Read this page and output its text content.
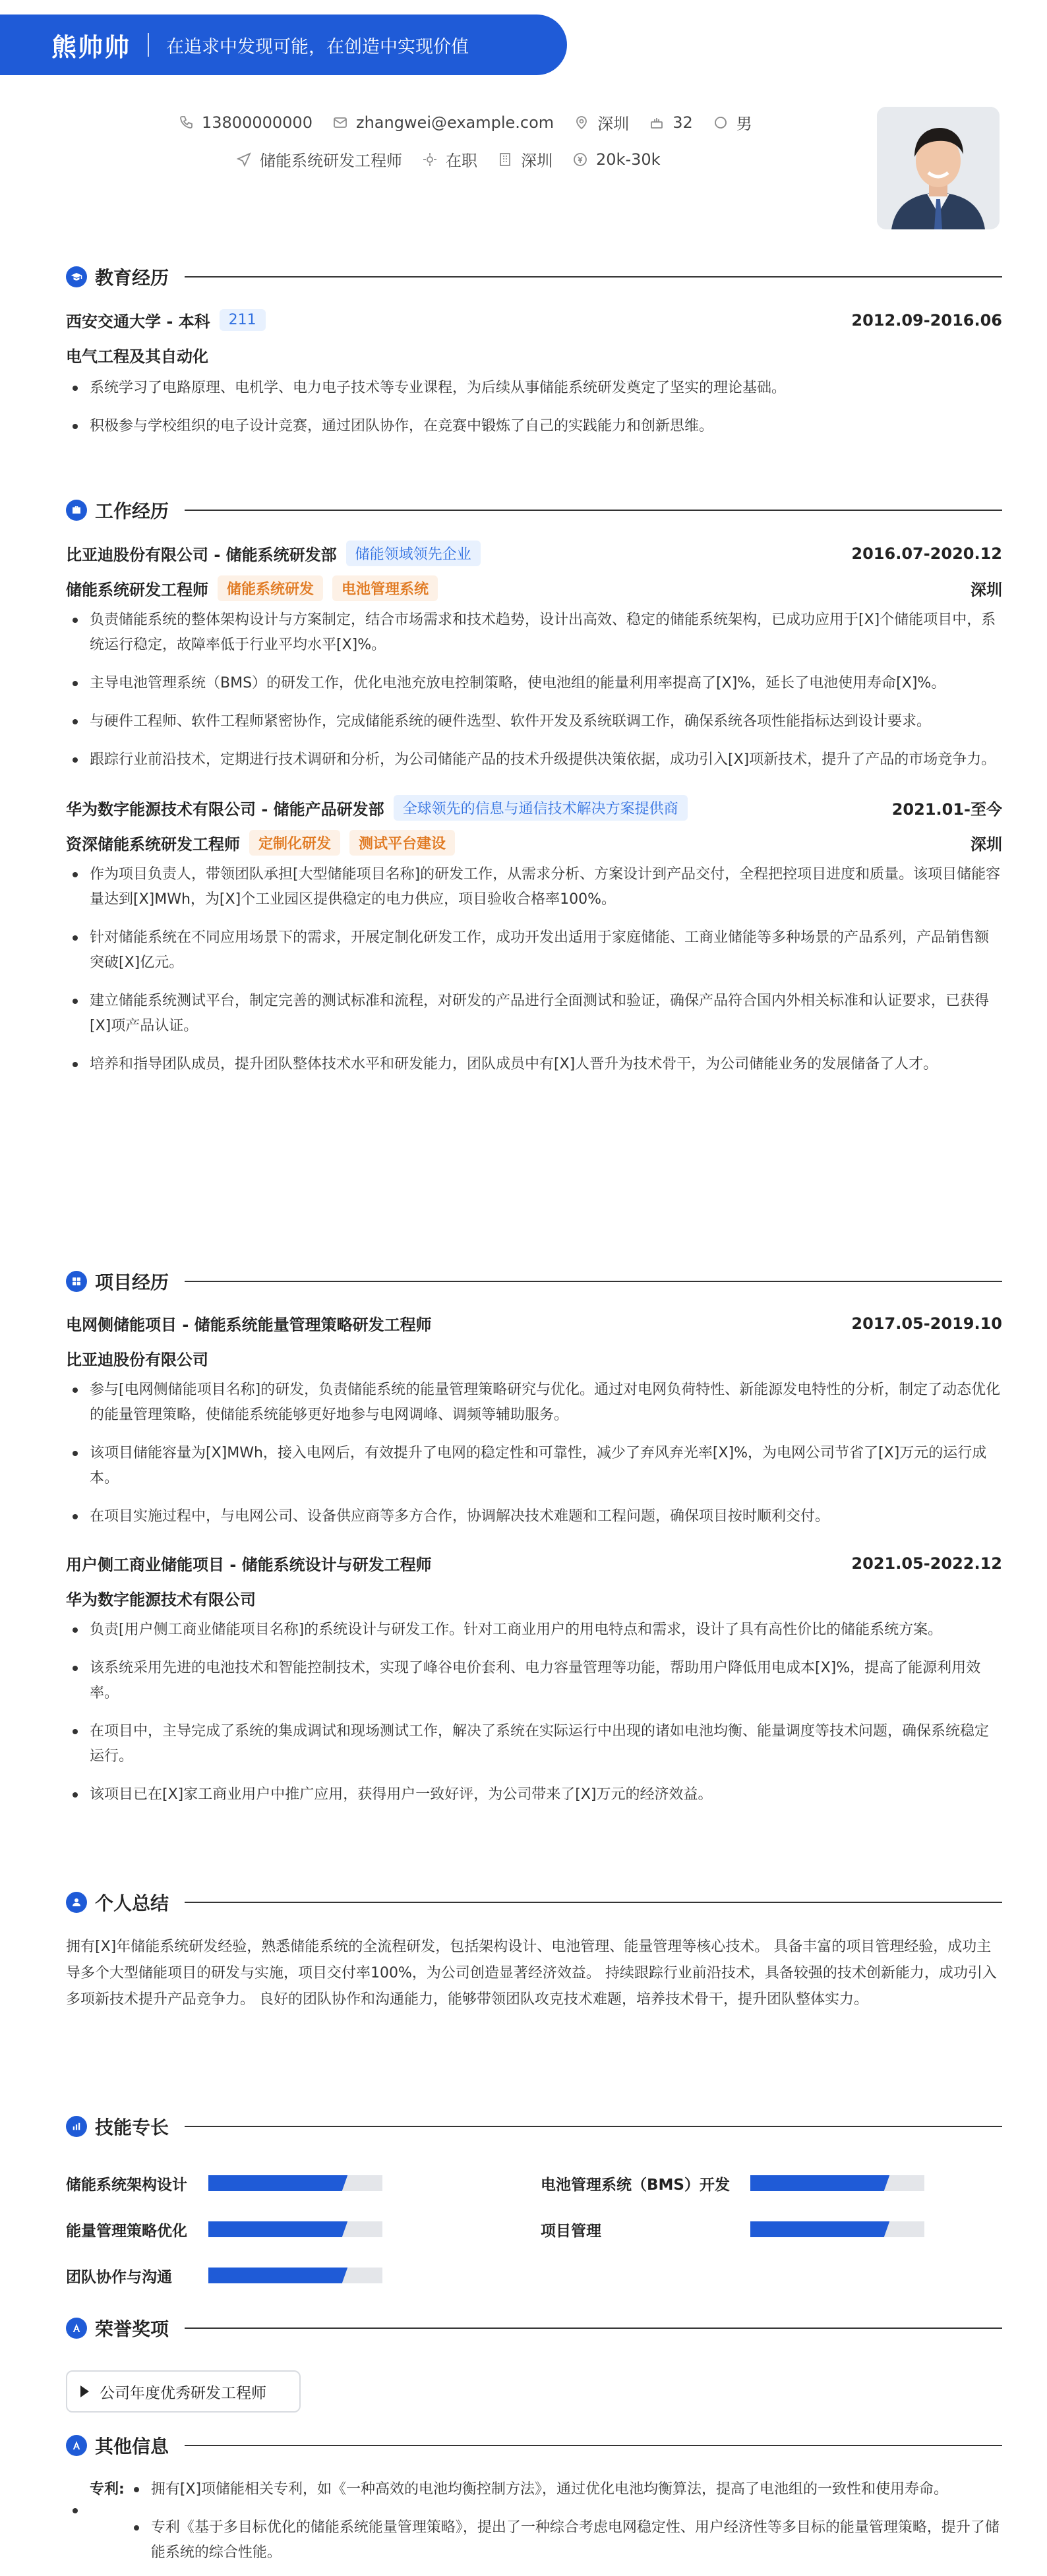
熊帅帅 在追求中发现可能，在创造中实现价值
13800000000	zhangwei@example.com	深圳	32	男
储能系统研发工程师	在职	深圳	20k-30k
教育经历
西安交通大学 - 本科	211	2012.09-2016.06
电气工程及其自动化
系统学习了电路原理、电机学、电力电子技术等专业课程，为后续从事储能系统研发奠定了坚实的理论基础。
积极参与学校组织的电子设计竞赛，通过团队协作，在竞赛中锻炼了自己的实践能力和创新思维。
工作经历
比亚迪股份有限公司 - 储能系统研发部	储能领域领先企业	2016.07-2020.12
储能系统研发工程师	储能系统研发	电池管理系统	深圳
负责储能系统的整体架构设计与方案制定，结合市场需求和技术趋势，设计出高效、稳定的储能系统架构，已成功应用于[X]个储能项目中，系统运行稳定，故障率低于行业平均水平[X]%。
主导电池管理系统（BMS）的研发工作，优化电池充放电控制策略，使电池组的能量利用率提高了[X]%，延长了电池使用寿命[X]%。
与硬件工程师、软件工程师紧密协作，完成储能系统的硬件选型、软件开发及系统联调工作，确保系统各项性能指标达到设计要求。
跟踪行业前沿技术，定期进行技术调研和分析，为公司储能产品的技术升级提供决策依据，成功引入[X]项新技术，提升了产品的市场竞争力。
华为数字能源技术有限公司 - 储能产品研发部	全球领先的信息与通信技术解决方案提供商	2021.01-至今
资深储能系统研发工程师	定制化研发	测试平台建设	深圳
作为项目负责人，带领团队承担[大型储能项目名称]的研发工作，从需求分析、方案设计到产品交付，全程把控项目进度和质量。该项目储能容量达到[X]MWh，为[X]个工业园区提供稳定的电力供应，项目验收合格率100%。
针对储能系统在不同应用场景下的需求，开展定制化研发工作，成功开发出适用于家庭储能、工商业储能等多种场景的产品系列，产品销售额突破[X]亿元。
建立储能系统测试平台，制定完善的测试标准和流程，对研发的产品进行全面测试和验证，确保产品符合国内外相关标准和认证要求，已获得[X]项产品认证。
培养和指导团队成员，提升团队整体技术水平和研发能力，团队成员中有[X]人晋升为技术骨干，为公司储能业务的发展储备了人才。
项目经历
电网侧储能项目 - 储能系统能量管理策略研发工程师	2017.05-2019.10
比亚迪股份有限公司
参与[电网侧储能项目名称]的研发，负责储能系统的能量管理策略研究与优化。通过对电网负荷特性、新能源发电特性的分析，制定了动态优化的能量管理策略，使储能系统能够更好地参与电网调峰、调频等辅助服务。
该项目储能容量为[X]MWh，接入电网后，有效提升了电网的稳定性和可靠性，减少了弃风弃光率[X]%，为电网公司节省了[X]万元的运行成本。
在项目实施过程中，与电网公司、设备供应商等多方合作，协调解决技术难题和工程问题，确保项目按时顺利交付。
用户侧工商业储能项目 - 储能系统设计与研发工程师	2021.05-2022.12
华为数字能源技术有限公司
负责[用户侧工商业储能项目名称]的系统设计与研发工作。针对工商业用户的用电特点和需求，设计了具有高性价比的储能系统方案。
该系统采用先进的电池技术和智能控制技术，实现了峰谷电价套利、电力容量管理等功能，帮助用户降低用电成本[X]%，提高了能源利用效率。
在项目中，主导完成了系统的集成调试和现场测试工作，解决了系统在实际运行中出现的诸如电池均衡、能量调度等技术问题，确保系统稳定运行。
该项目已在[X]家工商业用户中推广应用，获得用户一致好评，为公司带来了[X]万元的经济效益。
个人总结

拥有[X]年储能系统研发经验，熟悉储能系统的全流程研发，包括架构设计、电池管理、能量管理等核心技术。 具备丰富的项目管理经验，成功主导多个大型储能项目的研发与实施，项目交付率100%，为公司创造显著经济效益。 持续跟踪行业前沿技术，具备较强的技术创新能力，成功引入多项新技术提升产品竞争力。 良好的团队协作和沟通能力，能够带领团队攻克技术难题，培养技术骨干，提升团队整体实力。

技能专长
储能系统架构设计	电池管理系统（BMS）开发
能量管理策略优化	项目管理
团队协作与沟通
荣誉奖项
公司年度优秀研发工程师
其他信息
专利:	拥有[X]项储能相关专利，如《一种高效的电池均衡控制方法》，通过优化电池均衡算法，提高了电池组的一致性和使用寿命。
专利《基于多目标优化的储能系统能量管理策略》，提出了一种综合考虑电网稳定性、用户经济性等多目标的能量管理策略，提升了储能系统的综合性能。
